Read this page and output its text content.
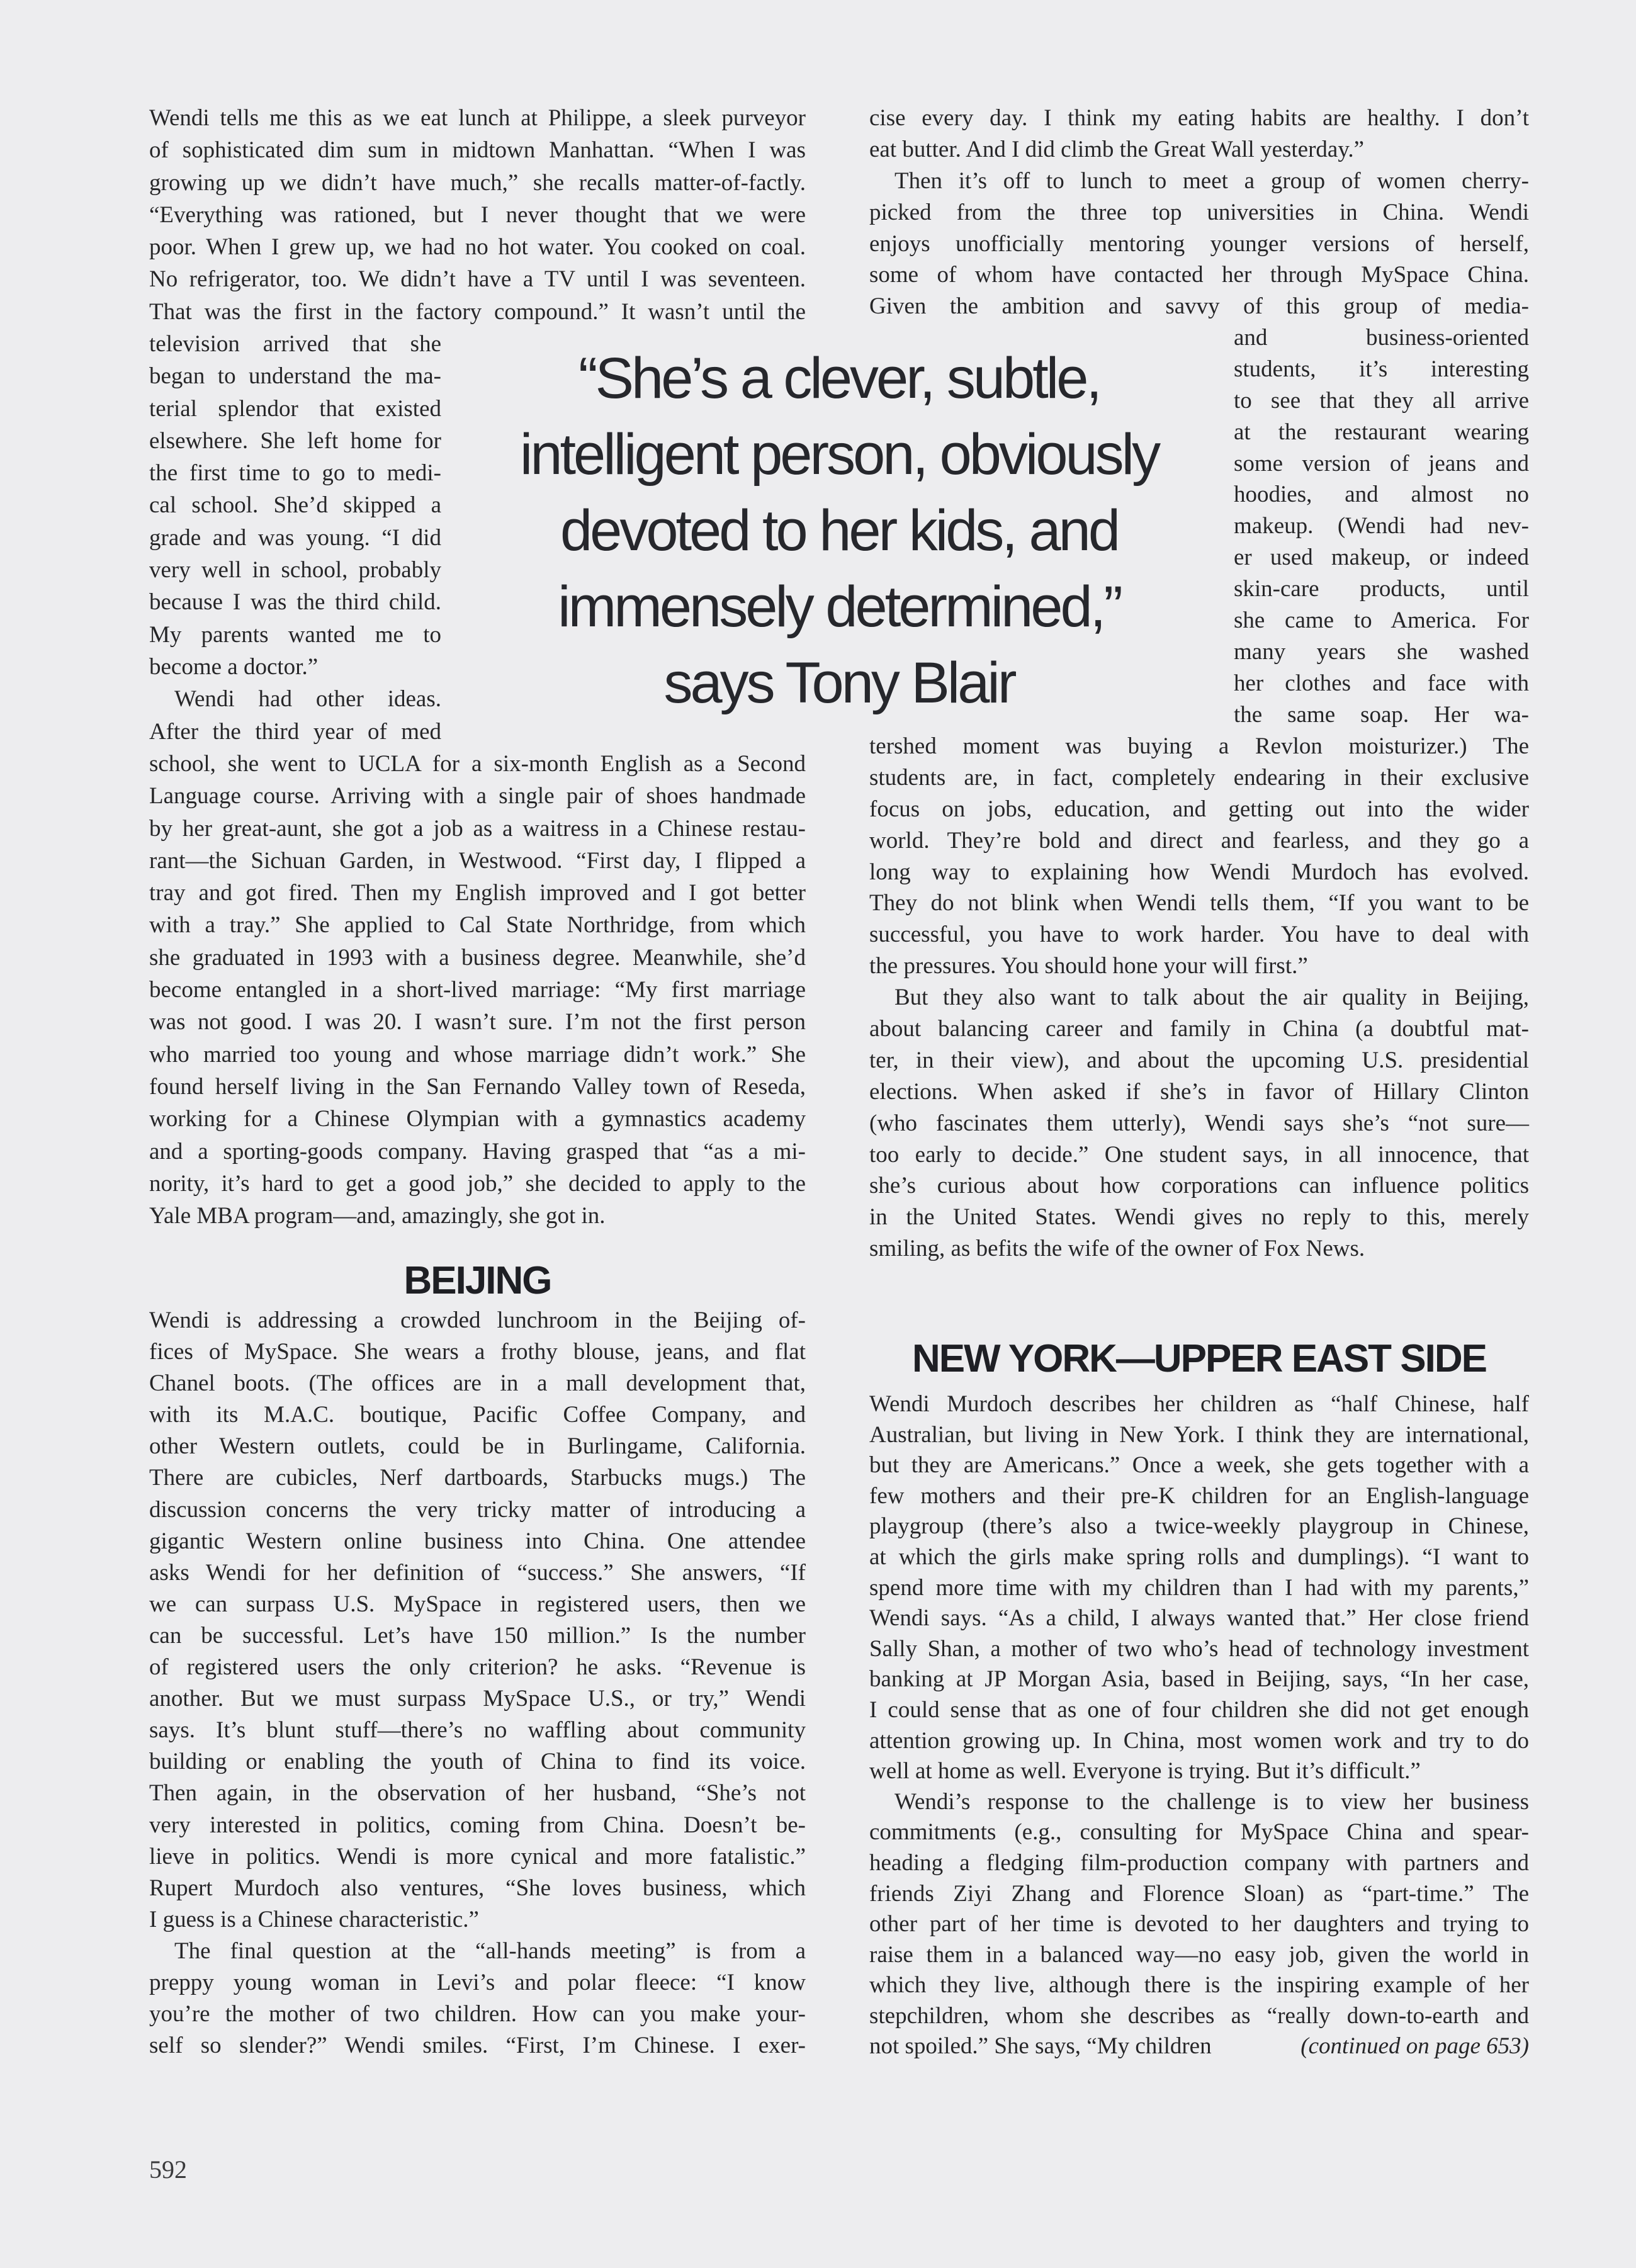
“She’s a clever, subtle,
intelligent person, obviously
devoted to her kids, and
immensely determined,”
says Tony Blair
BEIJING
NEW YORK—UPPER EAST SIDE
592
Wendi tells me this as we eat lunch at Philippe, a sleek purveyor
of sophisticated dim sum in midtown Manhattan. “When I was
growing up we didn’t have much,” she recalls matter-of-factly.
“Everything was rationed, but I never thought that we were
poor. When I grew up, we had no hot water. You cooked on coal.
No refrigerator, too. We didn’t have a TV until I was seventeen.
That was the first in the factory compound.” It wasn’t until the
television arrived that she
began to understand the ma-
terial splendor that existed
elsewhere. She left home for
the first time to go to medi-
cal school. She’d skipped a
grade and was young. “I did
very well in school, probably
because I was the third child.
My parents wanted me to
become a doctor.”
Wendi had other ideas.
After the third year of med
school, she went to UCLA for a six-month English as a Second
Language course. Arriving with a single pair of shoes handmade
by her great-aunt, she got a job as a waitress in a Chinese restau-
rant—the Sichuan Garden, in Westwood. “First day, I flipped a
tray and got fired. Then my English improved and I got better
with a tray.” She applied to Cal State Northridge, from which
she graduated in 1993 with a business degree. Meanwhile, she’d
become entangled in a short-lived marriage: “My first marriage
was not good. I was 20. I wasn’t sure. I’m not the first person
who married too young and whose marriage didn’t work.” She
found herself living in the San Fernando Valley town of Reseda,
working for a Chinese Olympian with a gymnastics academy
and a sporting-goods company. Having grasped that “as a mi-
nority, it’s hard to get a good job,” she decided to apply to the
Yale MBA program—and, amazingly, she got in.
Wendi is addressing a crowded lunchroom in the Beijing of-
fices of MySpace. She wears a frothy blouse, jeans, and flat
Chanel boots. (The offices are in a mall development that,
with its M.A.C. boutique, Pacific Coffee Company, and
other Western outlets, could be in Burlingame, California.
There are cubicles, Nerf dartboards, Starbucks mugs.) The
discussion concerns the very tricky matter of introducing a
gigantic Western online business into China. One attendee
asks Wendi for her definition of “success.” She answers, “If
we can surpass U.S. MySpace in registered users, then we
can be successful. Let’s have 150 million.” Is the number
of registered users the only criterion? he asks. “Revenue is
another. But we must surpass MySpace U.S., or try,” Wendi
says. It’s blunt stuff—there’s no waffling about community
building or enabling the youth of China to find its voice.
Then again, in the observation of her husband, “She’s not
very interested in politics, coming from China. Doesn’t be-
lieve in politics. Wendi is more cynical and more fatalistic.”
Rupert Murdoch also ventures, “She loves business, which
I guess is a Chinese characteristic.”
The final question at the “all-hands meeting” is from a
preppy young woman in Levi’s and polar fleece: “I know
you’re the mother of two children. How can you make your-
self so slender?” Wendi smiles. “First, I’m Chinese. I exer-
cise every day. I think my eating habits are healthy. I don’t
eat butter. And I did climb the Great Wall yesterday.”
Then it’s off to lunch to meet a group of women cherry-
picked from the three top universities in China. Wendi
enjoys unofficially mentoring younger versions of herself,
some of whom have contacted her through MySpace China.
Given the ambition and savvy of this group of media-
and business-oriented
students, it’s interesting
to see that they all arrive
at the restaurant wearing
some version of jeans and
hoodies, and almost no
makeup. (Wendi had nev-
er used makeup, or indeed
skin-care products, until
she came to America. For
many years she washed
her clothes and face with
the same soap. Her wa-
tershed moment was buying a Revlon moisturizer.) The
students are, in fact, completely endearing in their exclusive
focus on jobs, education, and getting out into the wider
world. They’re bold and direct and fearless, and they go a
long way to explaining how Wendi Murdoch has evolved.
They do not blink when Wendi tells them, “If you want to be
successful, you have to work harder. You have to deal with
the pressures. You should hone your will first.”
But they also want to talk about the air quality in Beijing,
about balancing career and family in China (a doubtful mat-
ter, in their view), and about the upcoming U.S. presidential
elections. When asked if she’s in favor of Hillary Clinton
(who fascinates them utterly), Wendi says she’s “not sure—
too early to decide.” One student says, in all innocence, that
she’s curious about how corporations can influence politics
in the United States. Wendi gives no reply to this, merely
smiling, as befits the wife of the owner of Fox News.
Wendi Murdoch describes her children as “half Chinese, half
Australian, but living in New York. I think they are international,
but they are Americans.” Once a week, she gets together with a
few mothers and their pre-K children for an English-language
playgroup (there’s also a twice-weekly playgroup in Chinese,
at which the girls make spring rolls and dumplings). “I want to
spend more time with my children than I had with my parents,”
Wendi says. “As a child, I always wanted that.” Her close friend
Sally Shan, a mother of two who’s head of technology investment
banking at JP Morgan Asia, based in Beijing, says, “In her case,
I could sense that as one of four children she did not get enough
attention growing up. In China, most women work and try to do
well at home as well. Everyone is trying. But it’s difficult.”
Wendi’s response to the challenge is to view her business
commitments (e.g., consulting for MySpace China and spear-
heading a fledging film-production company with partners and
friends Ziyi Zhang and Florence Sloan) as “part-time.” The
other part of her time is devoted to her daughters and trying to
raise them in a balanced way—no easy job, given the world in
which they live, although there is the inspiring example of her
stepchildren, whom she describes as “really down-to-earth and
not spoiled.” She says, “My children	(continued on page 653)
